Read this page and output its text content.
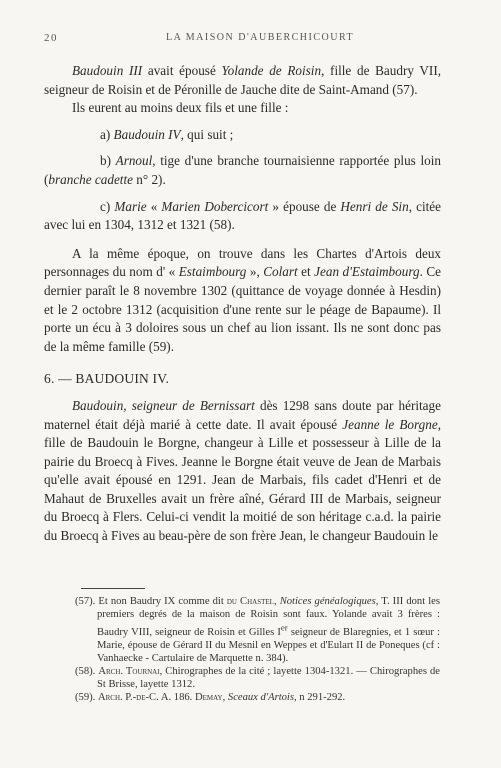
20	LA MAISON D'AUBERCHICOURT

Baudouin III avait épousé Yolande de Roisin, fille de Baudry VII, seigneur de Roisin et de Péronille de Jauche dite de Saint-Amand (57).

Ils eurent au moins deux fils et une fille :

a) Baudouin IV, qui suit ;

b) Arnoul, tige d'une branche tournaisienne rapportée plus loin (branche cadette n° 2).

c) Marie « Marien Dobercicort » épouse de Henri de Sin, citée avec lui en 1304, 1312 et 1321 (58).

A la même époque, on trouve dans les Chartes d'Artois deux personnages du nom d' « Estaimbourg », Colart et Jean d'Estaimbourg. Ce dernier paraît le 8 novembre 1302 (quittance de voyage donnée à Hesdin) et le 2 octobre 1312 (acquisition d'une rente sur le péage de Bapaume). Il porte un écu à 3 doloires sous un chef au lion issant. Ils ne sont donc pas de la même famille (59).

6. — BAUDOUIN IV.

Baudouin, seigneur de Bernissart dès 1298 sans doute par héritage maternel était déjà marié à cette date. Il avait épousé Jeanne le Borgne, fille de Baudouin le Borgne, changeur à Lille et possesseur à Lille de la pairie du Broecq à Fives. Jeanne le Borgne était veuve de Jean de Marbais qu'elle avait épousé en 1291. Jean de Marbais, fils cadet d'Henri et de Mahaut de Bruxelles avait un frère aîné, Gérard III de Marbais, seigneur du Broecq à Flers. Celui-ci vendit la moitié de son héritage c.a.d. la pairie du Broecq à Fives au beau-père de son frère Jean, le changeur Baudouin le

(57). Et non Baudry IX comme dit du Chastel, Notices généalogiques, T. III dont les premiers degrés de la maison de Roisin sont faux. Yolande avait 3 frères : Baudry VIII, seigneur de Roisin et Gilles Ier seigneur de Blaregnies, et 1 sœur : Marie, épouse de Gérard II du Mesnil en Weppes et d'Eulart II de Poneques (cf : Vanhaecke - Cartulaire de Marquette n. 384).

(58). Arch. Tournai, Chirographes de la cité ; layette 1304-1321. — Chirographes de St Brisse, layette 1312.

(59). Arch. P.-de-C. A. 186. Demay, Sceaux d'Artois, n 291-292.
